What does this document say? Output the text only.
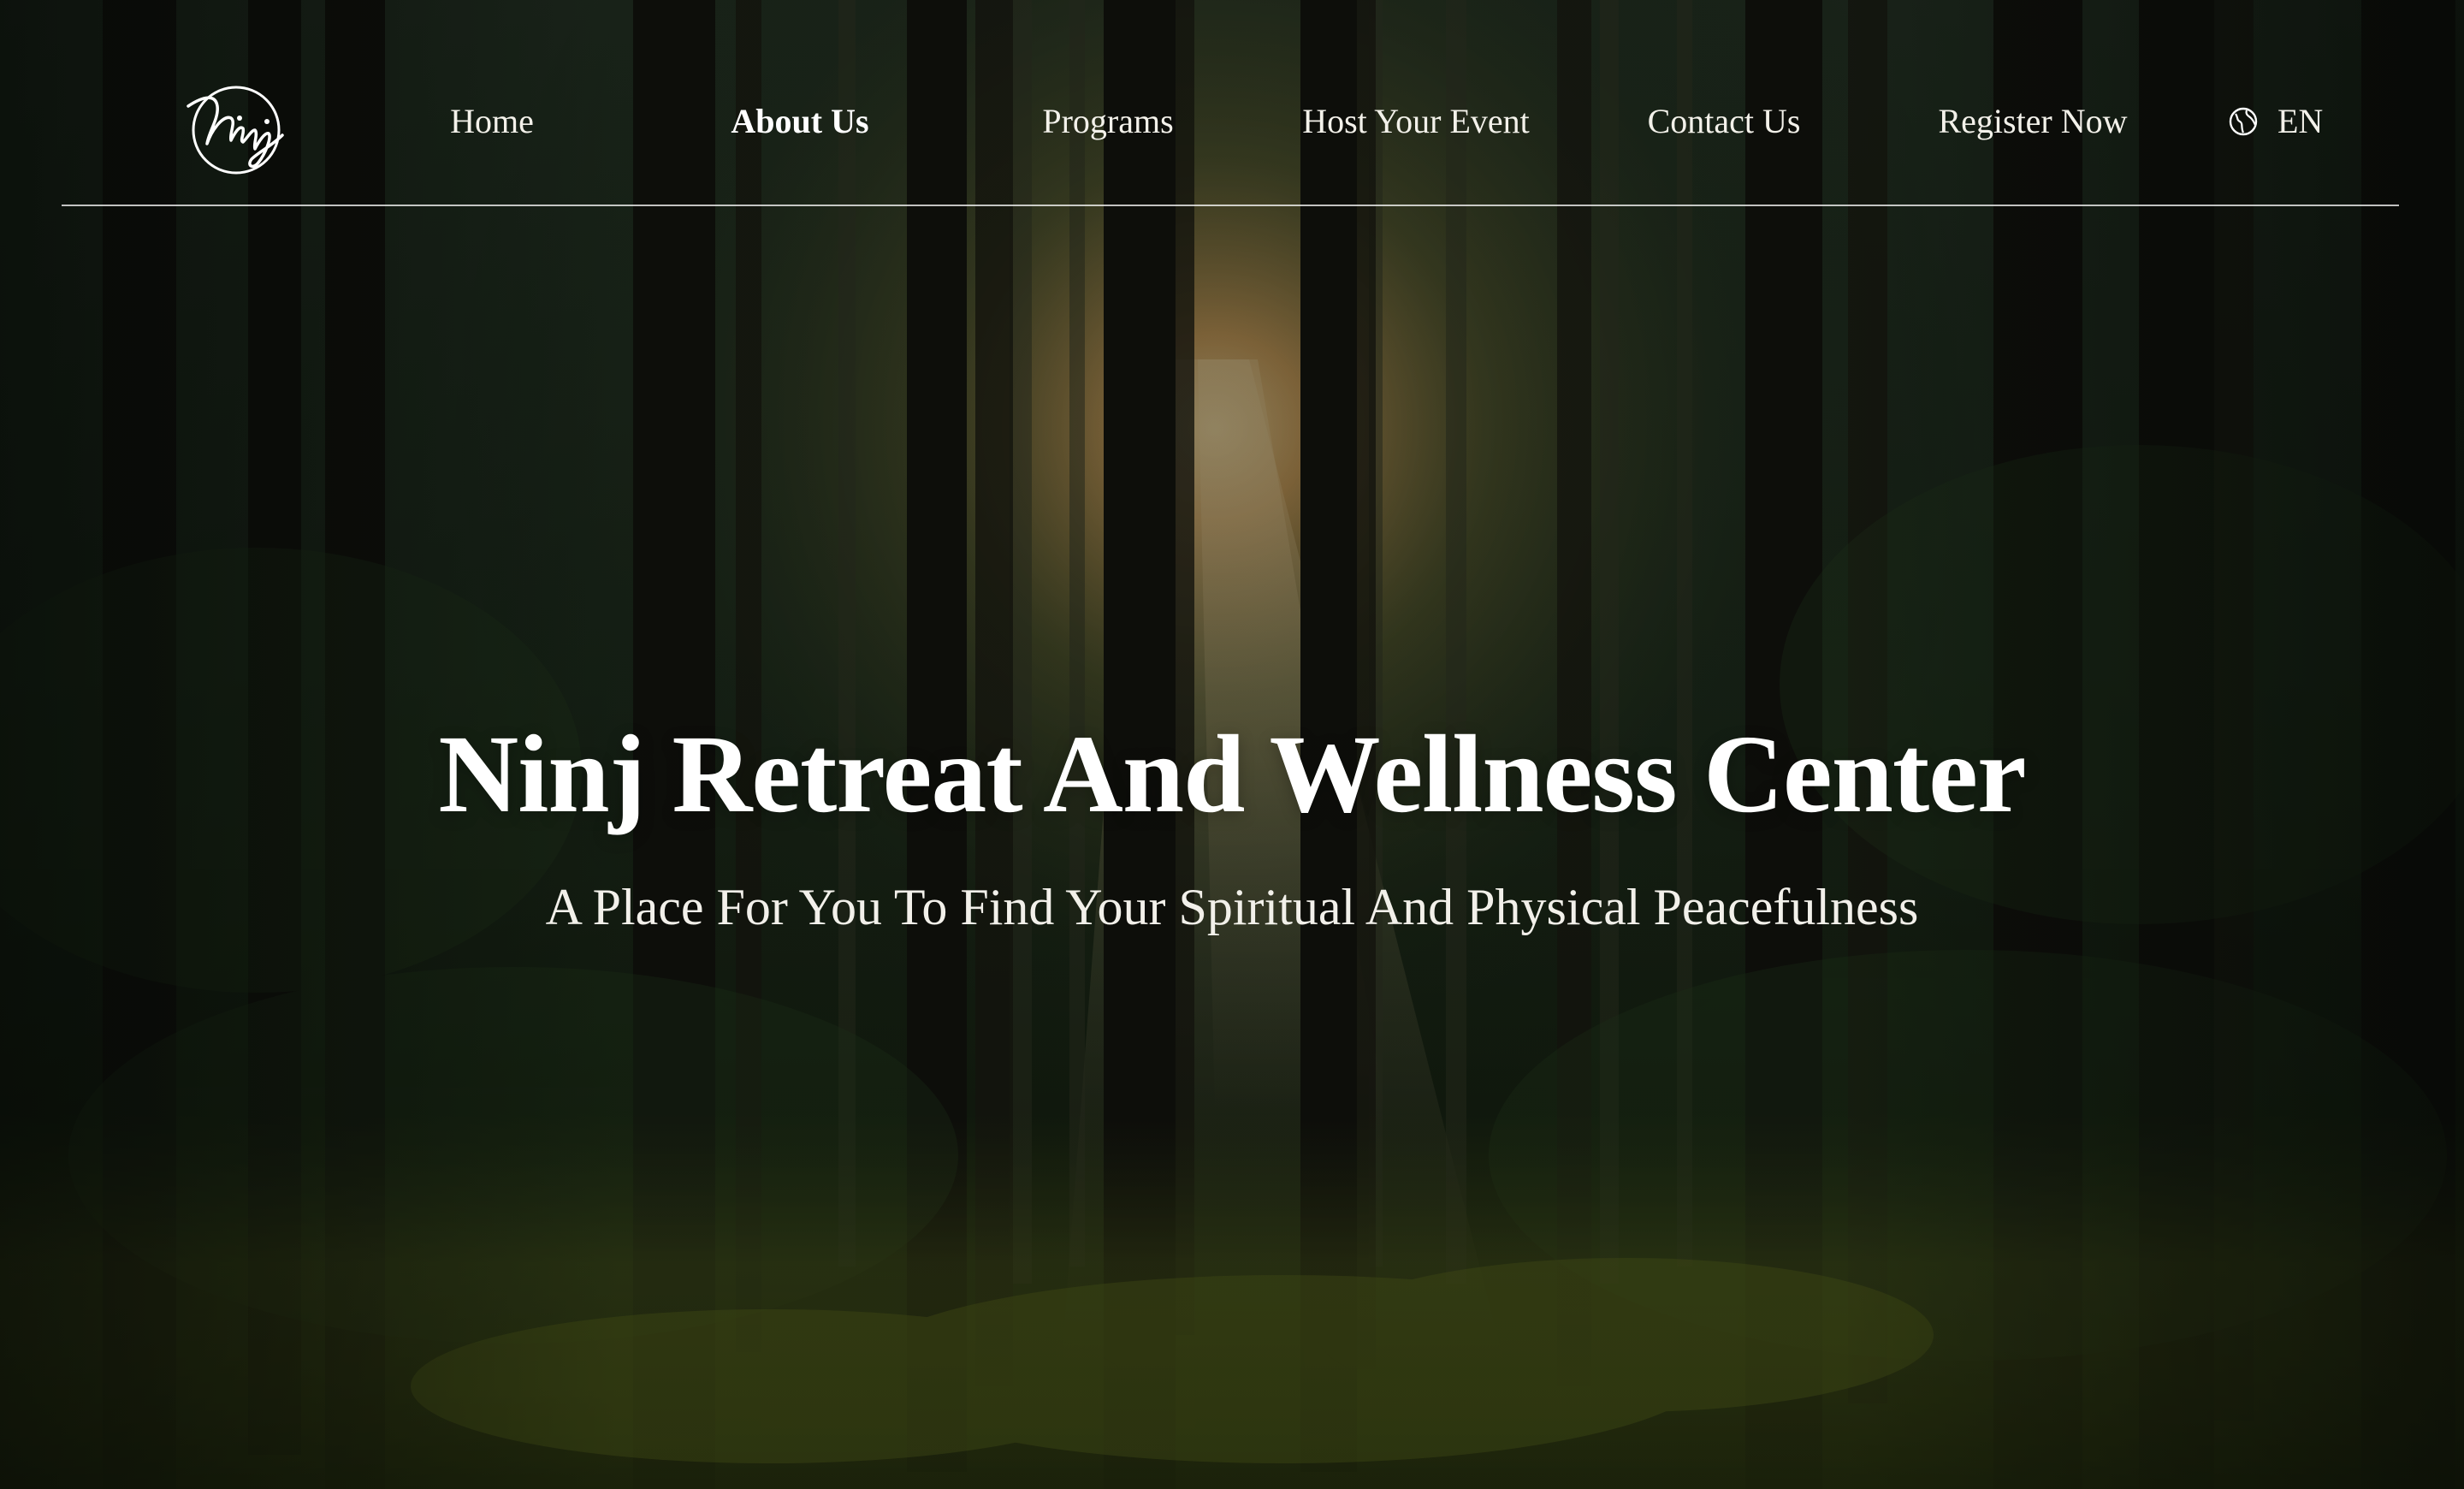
Home	About Us	Programs	Host Your Event	Contact Us	Register Now	EN
Ninj Retreat And Wellness Center

A Place For You To Find Your Spiritual And Physical Peacefulness
